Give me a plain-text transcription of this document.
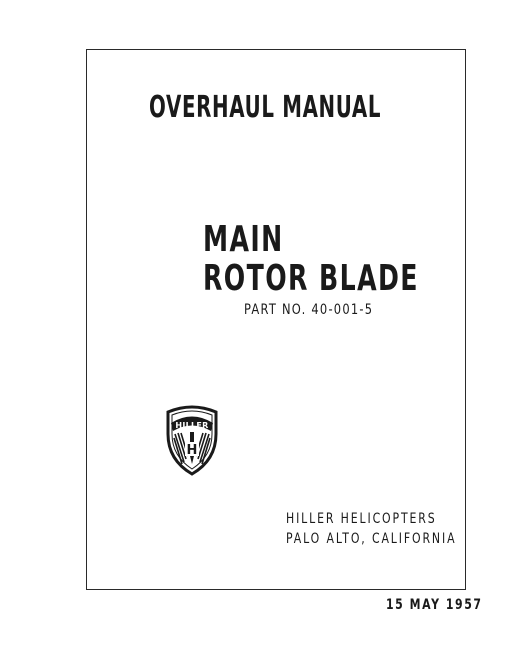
OVERHAUL MANUAL
MAIN
ROTOR BLADE
PART NO. 40-001-5
HILLER
H
HILLER HELICOPTERS
PALO ALTO, CALIFORNIA
15 MAY 1957
